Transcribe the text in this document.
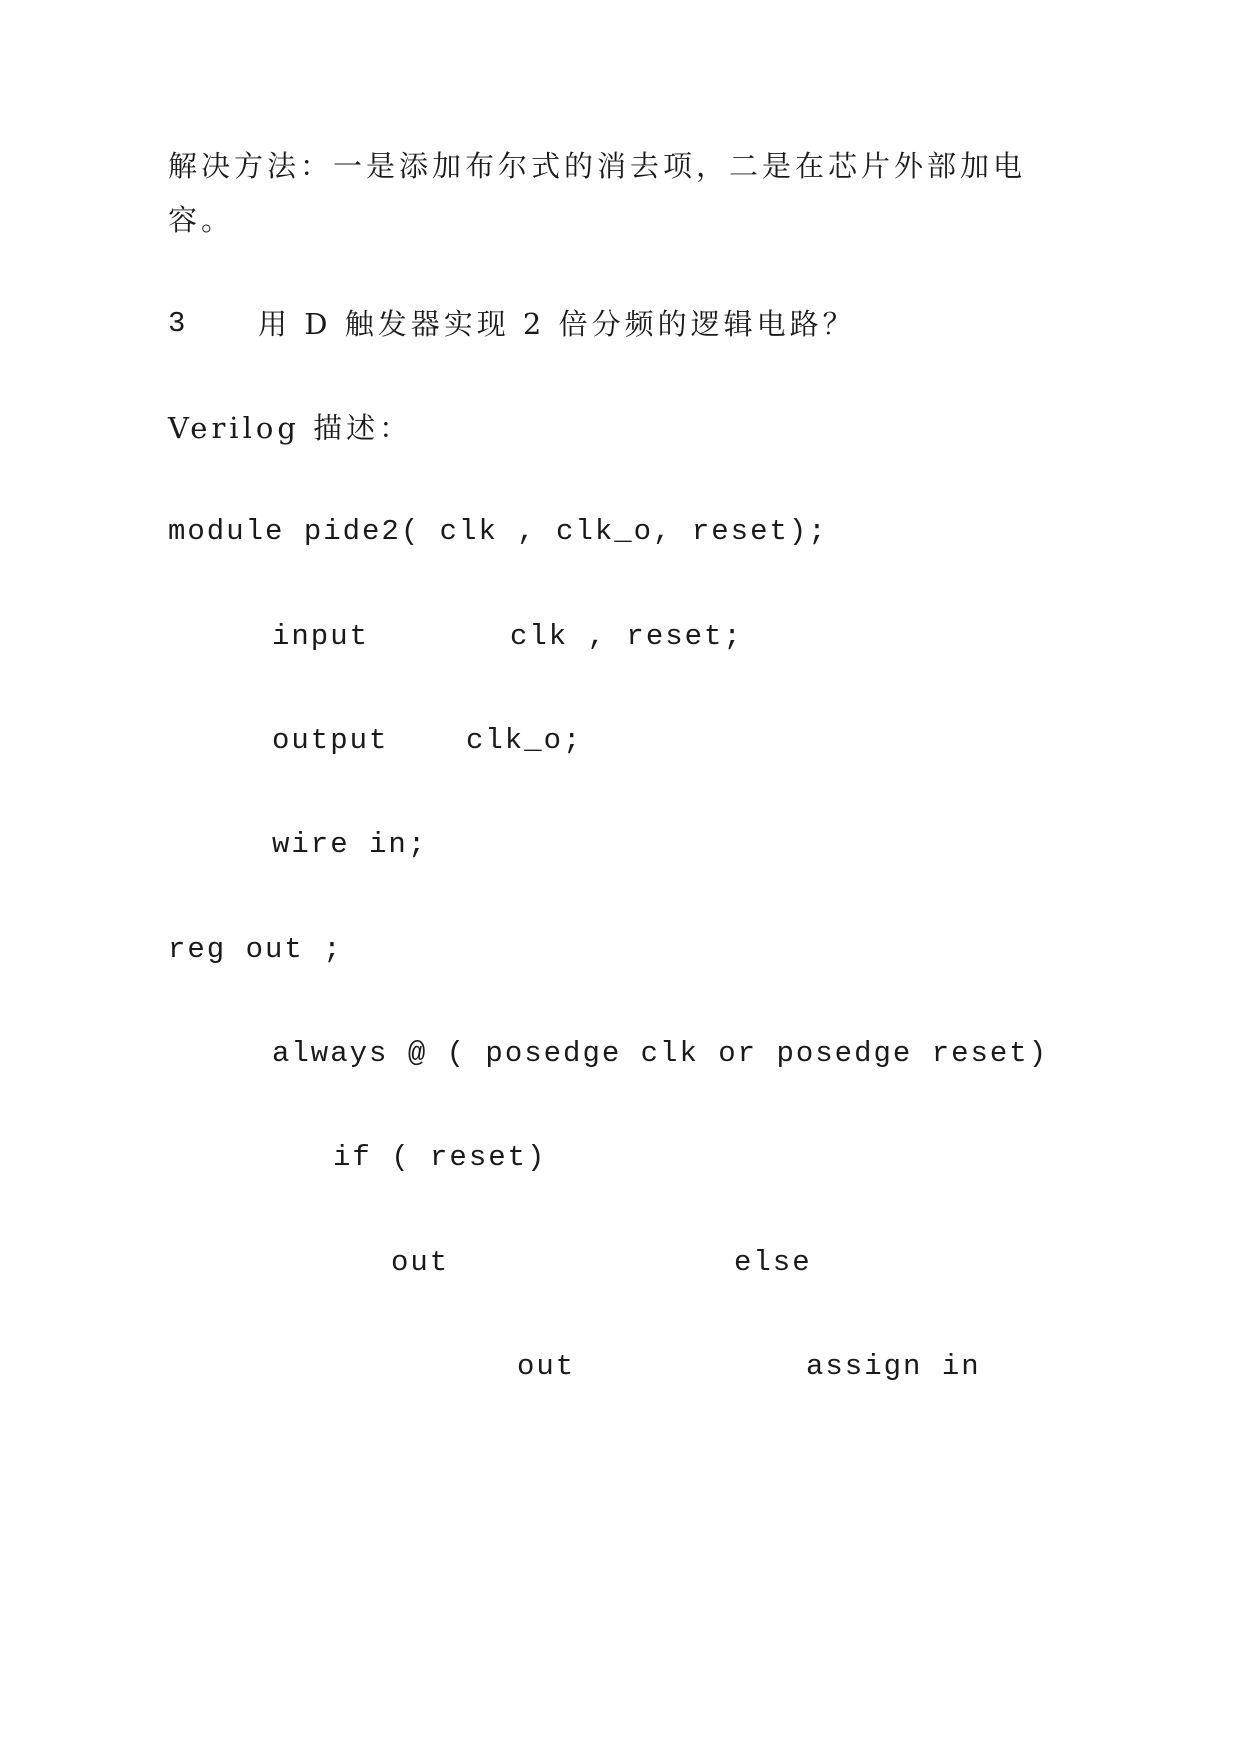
解决方法：一是添加布尔式的消去项，二是在芯片外部加电
容。
3 用 D 触发器实现 2 倍分频的逻辑电路？
Verilog 描述：
module pide2( clk , clk_o, reset);
input	clk , reset;
output	clk_o;
wire in;
reg out ;
always @ ( posedge clk or posedge reset)
if ( reset)
out	else
out	assign in
